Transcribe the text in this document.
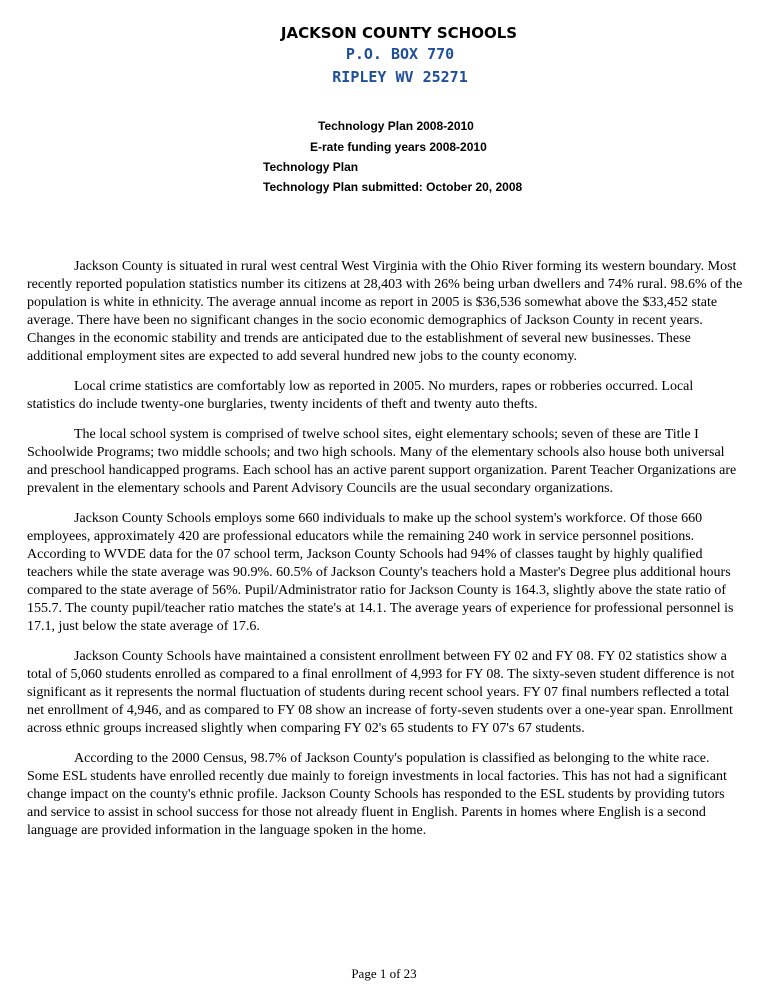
JACKSON COUNTY SCHOOLS
P.O. BOX 770
RIPLEY WV 25271
Technology Plan 2008-2010
E-rate funding years 2008-2010
Technology Plan
Technology Plan submitted: October 20, 2008

Jackson County is situated in rural west central West Virginia with the Ohio River forming its western boundary. Most recently reported population statistics number its citizens at 28,403 with 26% being urban dwellers and 74% rural. 98.6% of the population is white in ethnicity. The average annual income as report in 2005 is $36,536 somewhat above the $33,452 state average. There have been no significant changes in the socio economic demographics of Jackson County in recent years. Changes in the economic stability and trends are anticipated due to the establishment of several new businesses. These additional employment sites are expected to add several hundred new jobs to the county economy.

Local crime statistics are comfortably low as reported in 2005. No murders, rapes or robberies occurred. Local statistics do include twenty-one burglaries, twenty incidents of theft and twenty auto thefts.

The local school system is comprised of twelve school sites, eight elementary schools; seven of these are Title I Schoolwide Programs; two middle schools; and two high schools. Many of the elementary schools also house both universal and preschool handicapped programs. Each school has an active parent support organization. Parent Teacher Organizations are prevalent in the elementary schools and Parent Advisory Councils are the usual secondary organizations.

Jackson County Schools employs some 660 individuals to make up the school system's workforce. Of those 660 employees, approximately 420 are professional educators while the remaining 240 work in service personnel positions. According to WVDE data for the 07 school term, Jackson County Schools had 94% of classes taught by highly qualified teachers while the state average was 90.9%. 60.5% of Jackson County's teachers hold a Master's Degree plus additional hours compared to the state average of 56%. Pupil/Administrator ratio for Jackson County is 164.3, slightly above the state ratio of 155.7. The county pupil/teacher ratio matches the state's at 14.1. The average years of experience for professional personnel is 17.1, just below the state average of 17.6.

Jackson County Schools have maintained a consistent enrollment between FY 02 and FY 08. FY 02 statistics show a total of 5,060 students enrolled as compared to a final enrollment of 4,993 for FY 08. The sixty-seven student difference is not significant as it represents the normal fluctuation of students during recent school years. FY 07 final numbers reflected a total net enrollment of 4,946, and as compared to FY 08 show an increase of forty-seven students over a one-year span. Enrollment across ethnic groups increased slightly when comparing FY 02's 65 students to FY 07's 67 students.

According to the 2000 Census, 98.7% of Jackson County's population is classified as belonging to the white race. Some ESL students have enrolled recently due mainly to foreign investments in local factories. This has not had a significant change impact on the county's ethnic profile. Jackson County Schools has responded to the ESL students by providing tutors and service to assist in school success for those not already fluent in English. Parents in homes where English is a second language are provided information in the language spoken in the home.

Page 1 of 23
